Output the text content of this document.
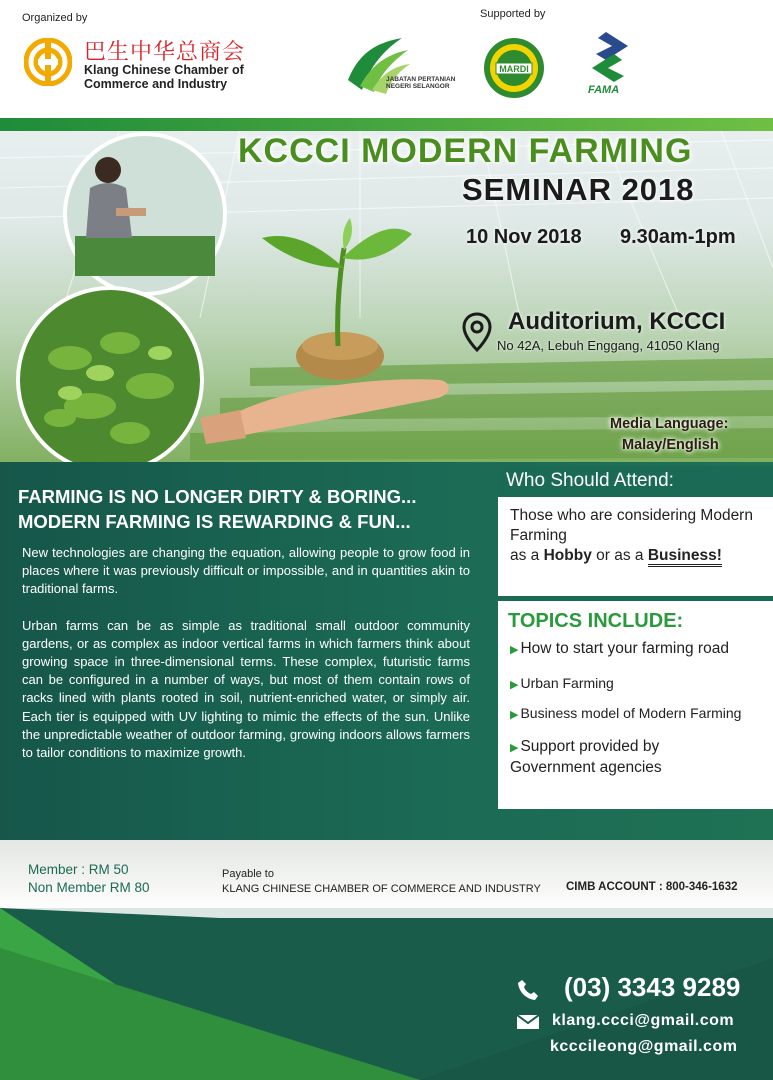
Organized by	Supported by
巴生中华总商会
Klang Chinese Chamber of Commerce and Industry	JABATAN PERTANIAN NEGERI SELANGOR
MARDI
FAMA
KCCCI MODERN FARMING
SEMINAR 2018
10 Nov 2018 9.30am-1pm
Auditorium, KCCCI
No 42A, Lebuh Enggang, 41050 Klang
Media Language:
Malay/English
FARMING IS NO LONGER DIRTY & BORING...
MODERN FARMING IS REWARDING & FUN...

New technologies are changing the equation, allowing people to grow food in places where it was previously difficult or impossible, and in quantities akin to traditional farms.

Urban farms can be as simple as traditional small outdoor community gardens, or as complex as indoor vertical farms in which farmers think about growing space in three-dimensional terms. These complex, futuristic farms can be configured in a number of ways, but most of them contain rows of racks lined with plants rooted in soil, nutrient-enriched water, or simply air. Each tier is equipped with UV lighting to mimic the effects of the sun. Unlike the unpredictable weather of outdoor farming, growing indoors allows farmers to tailor conditions to maximize growth.

Who Should Attend:
Those who are considering Modern Farming
as a Hobby or as a Business!
TOPICS INCLUDE:
▶ How to start your farming road
▶ Urban Farming
▶ Business model of Modern Farming
▶ Support provided by Government agencies
Member : RM 50
Non Member RM 80
Payable to
KLANG CHINESE CHAMBER OF COMMERCE AND INDUSTRY CIMB ACCOUNT : 800-346-1632
(03) 3343 9289
klang.ccci@gmail.com
kcccileong@gmail.com
